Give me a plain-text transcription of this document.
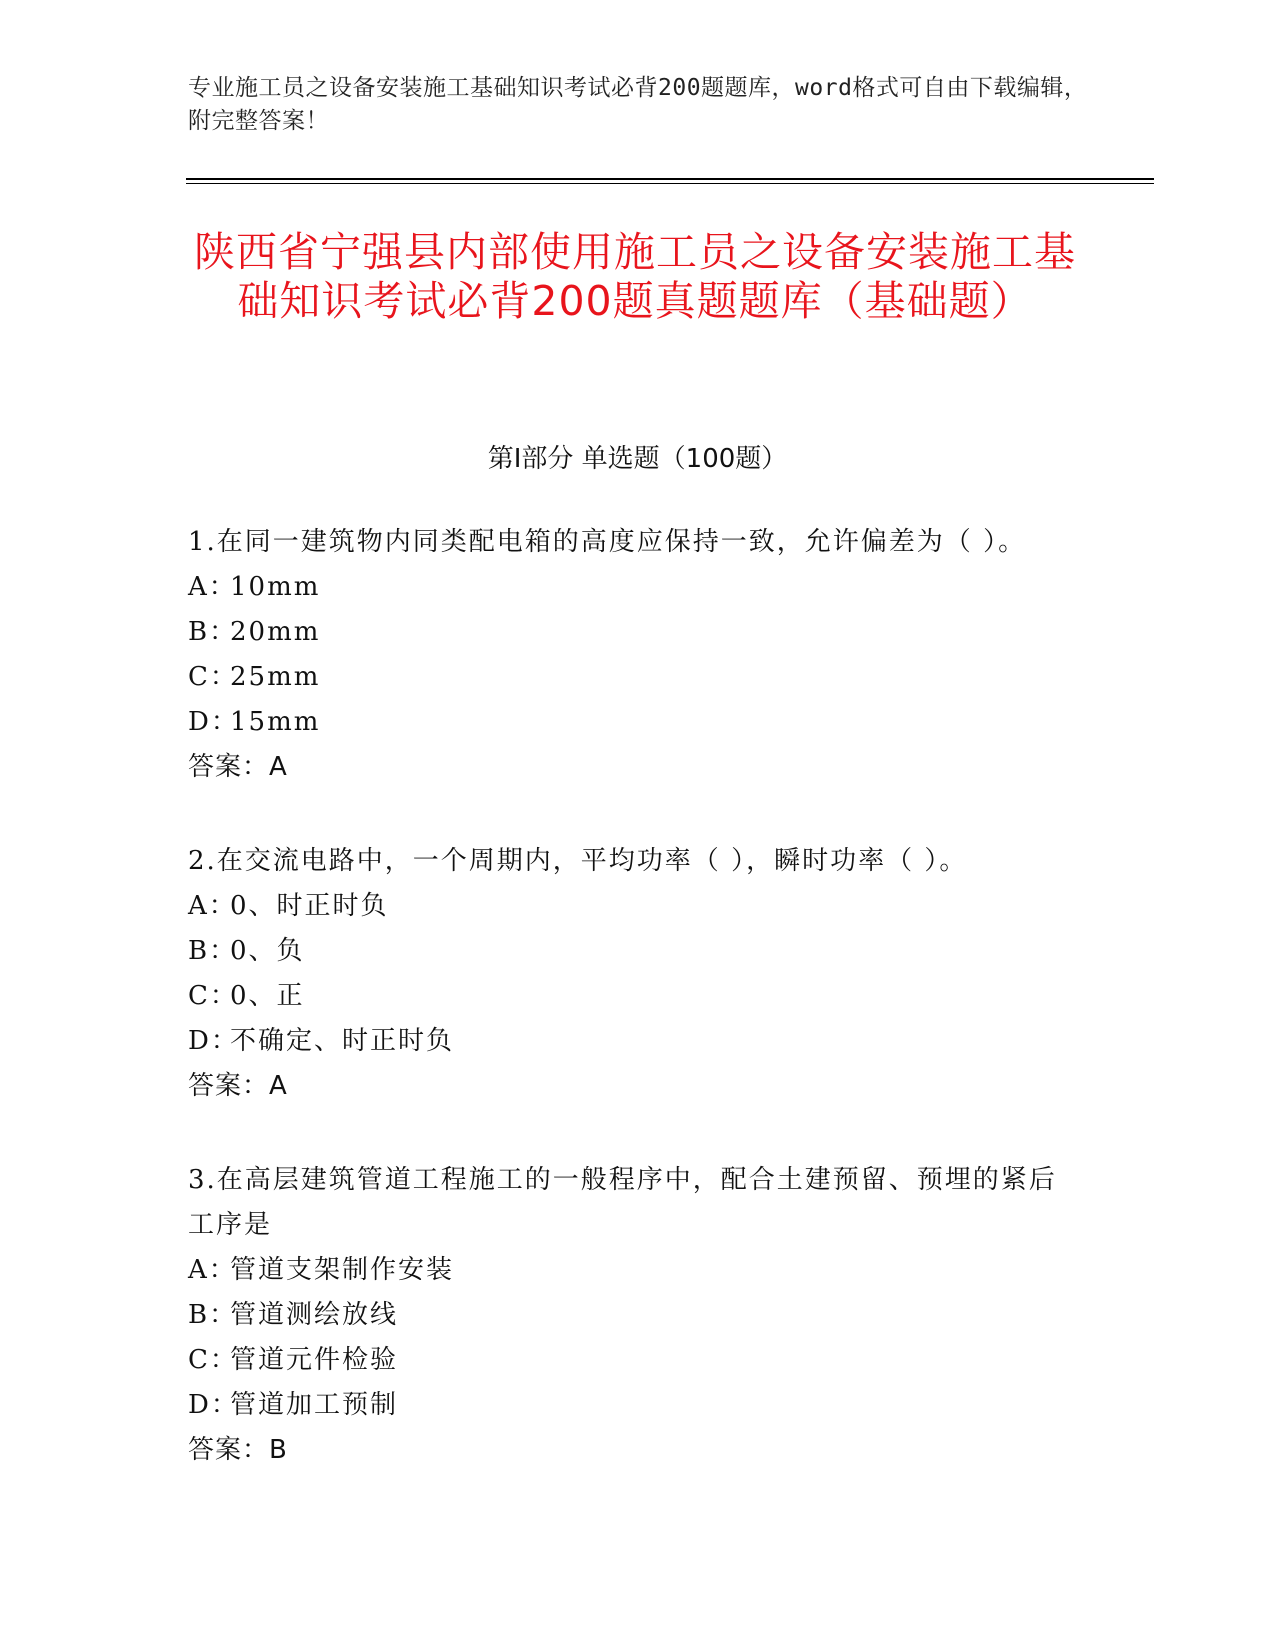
专业施工员之设备安装施工基础知识考试必背200题题库，word格式可自由下载编辑，附完整答案！
陕西省宁强县内部使用施工员之设备安装施工基础知识考试必背200题真题题库（基础题）
第Ⅰ部分 单选题（100题）
1.在同一建筑物内同类配电箱的高度应保持一致，允许偏差为（ ）。
A：10mm
B：20mm
C：25mm
D：15mm
答案：A
2.在交流电路中，一个周期内，平均功率（ ），瞬时功率（ ）。
A：0、时正时负
B：0、负
C：0、正
D：不确定、时正时负
答案：A
3.在高层建筑管道工程施工的一般程序中，配合土建预留、预埋的紧后工序是
A：管道支架制作安装
B：管道测绘放线
C：管道元件检验
D：管道加工预制
答案：B
